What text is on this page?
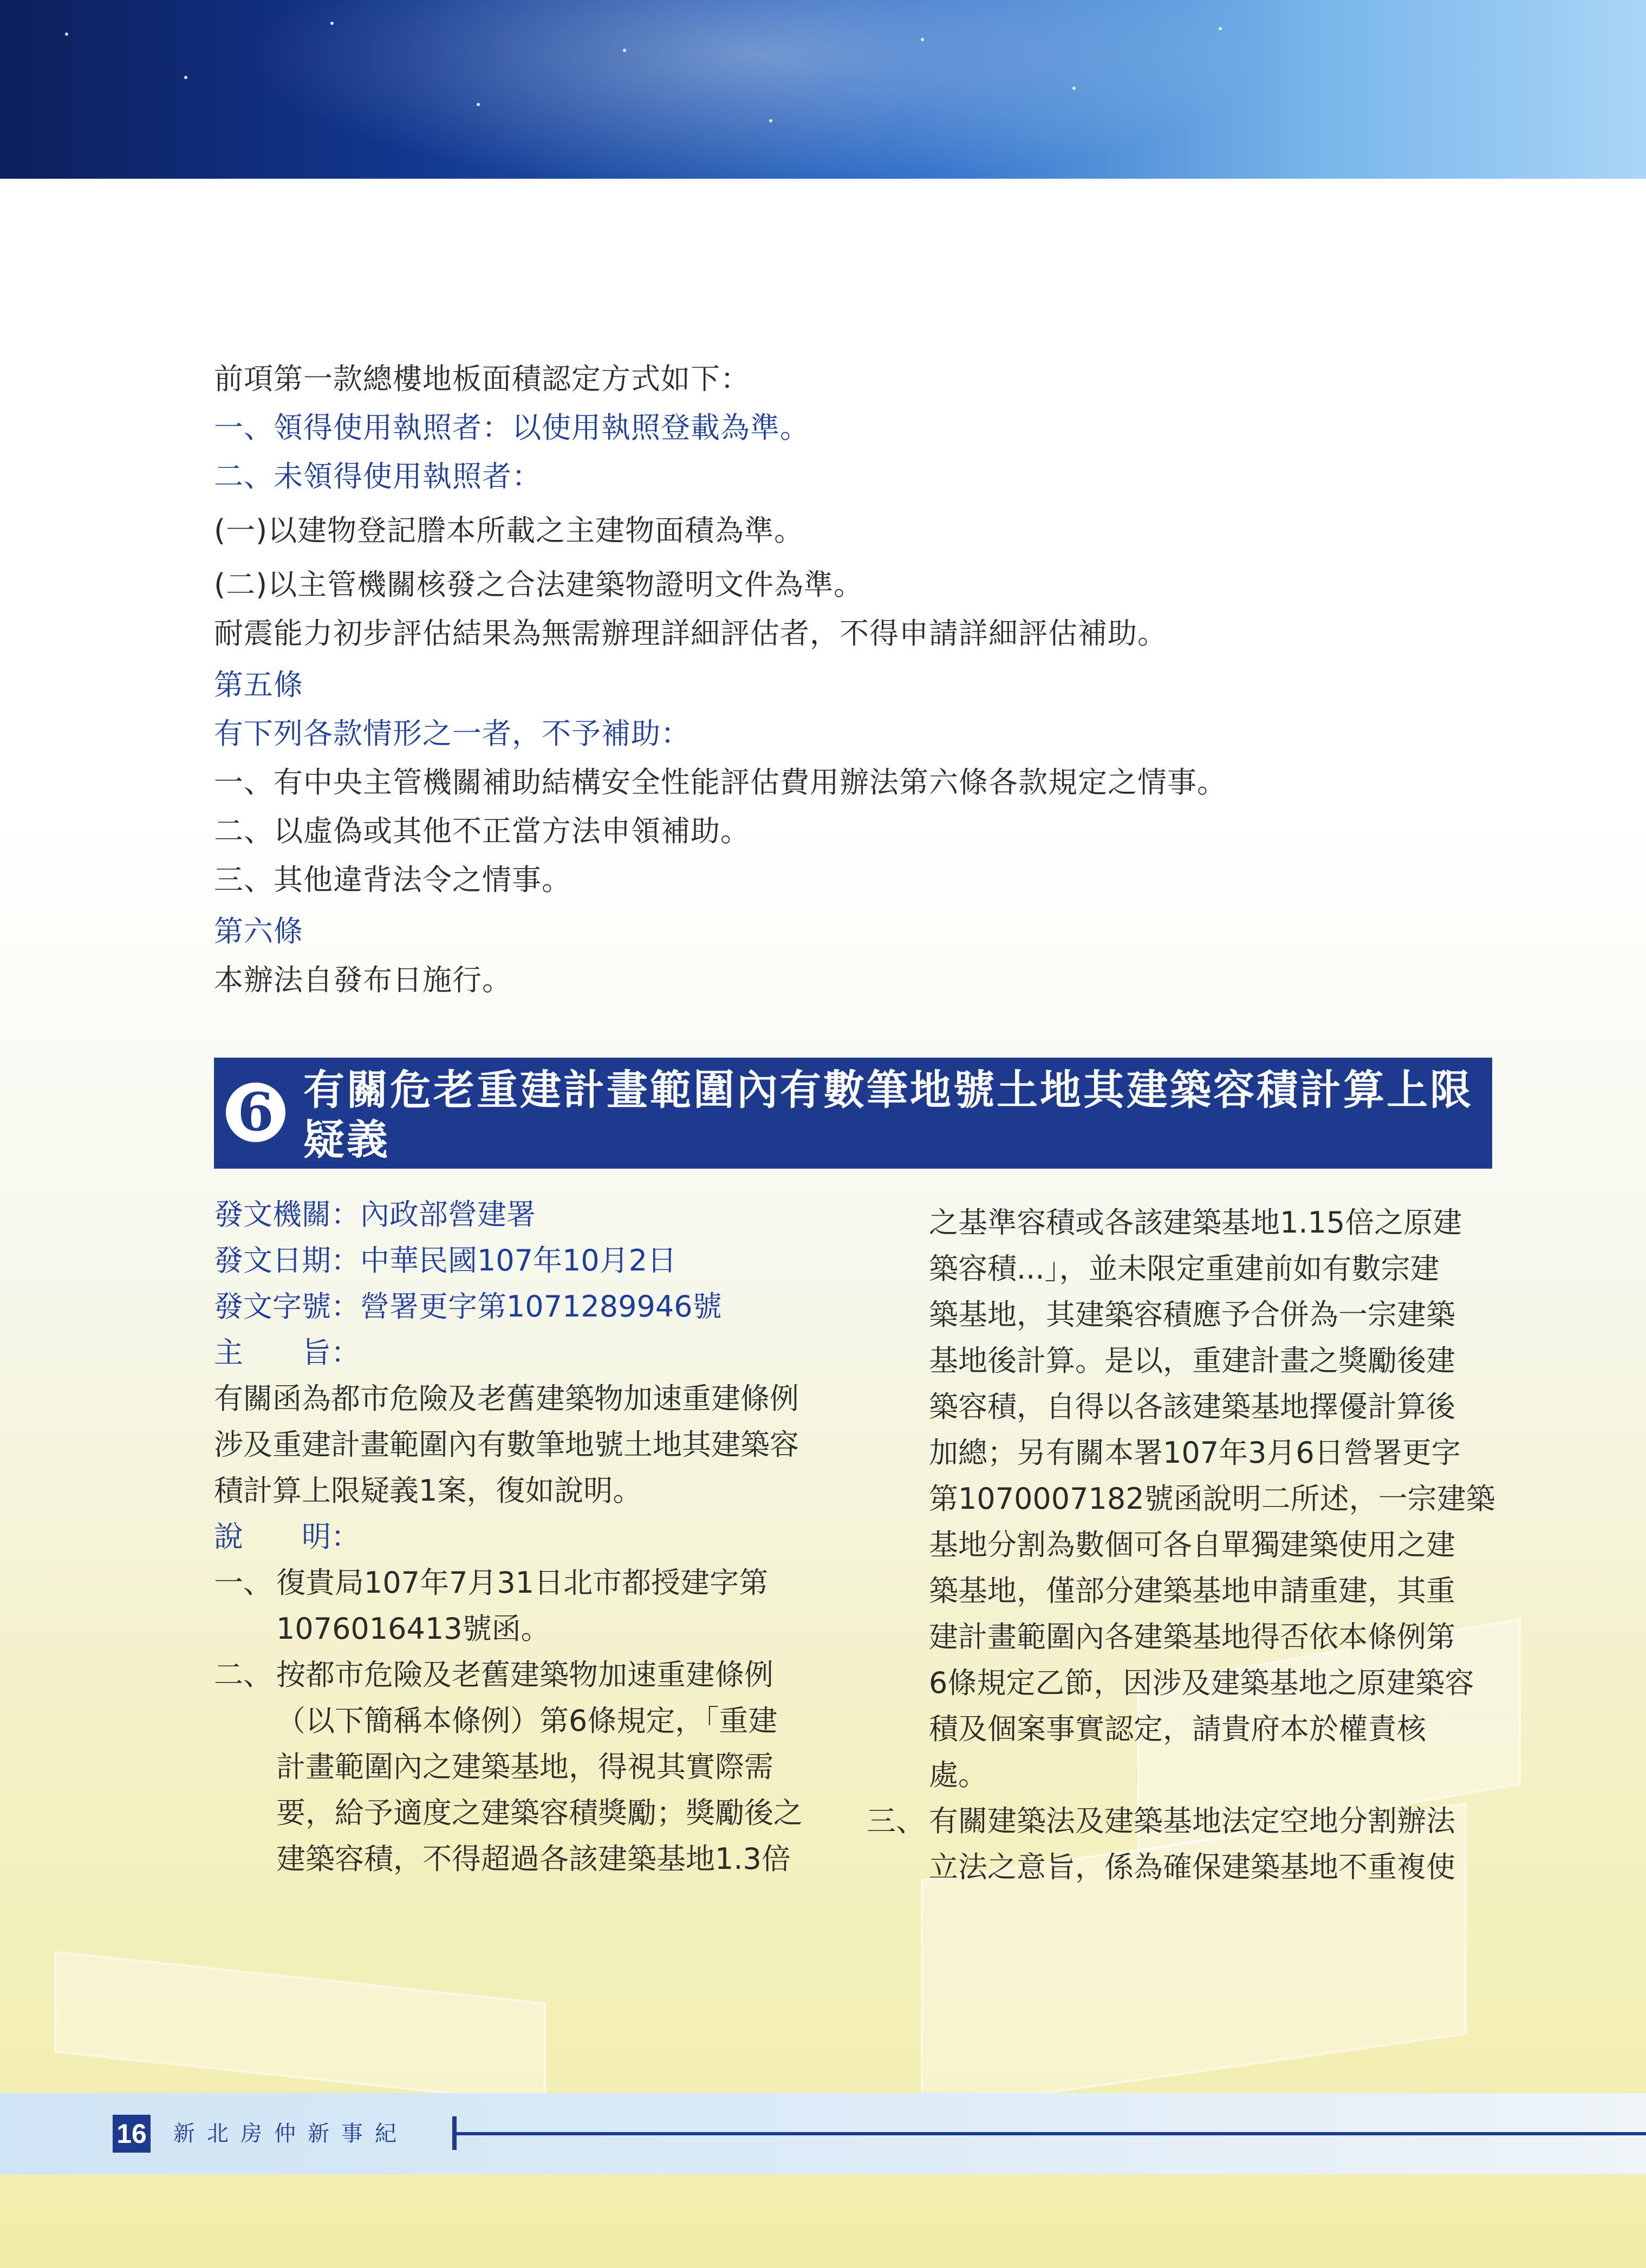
前項第一款總樓地板面積認定方式如下：
一、領得使用執照者：以使用執照登載為準。
二、未領得使用執照者：
(一)以建物登記謄本所載之主建物面積為準。
(二)以主管機關核發之合法建築物證明文件為準。
耐震能力初步評估結果為無需辦理詳細評估者，不得申請詳細評估補助。
第五條
有下列各款情形之一者，不予補助：
一、有中央主管機關補助結構安全性能評估費用辦法第六條各款規定之情事。
二、以虛偽或其他不正當方法申領補助。
三、其他違背法令之情事。
第六條
本辦法自發布日施行。
6 有關危老重建計畫範圍內有數筆地號土地其建築容積計算上限疑義
發文機關：內政部營建署
發文日期：中華民國107年10月2日
發文字號：營署更字第1071289946號
主　　旨：
有關函為都市危險及老舊建築物加速重建條例
涉及重建計畫範圍內有數筆地號土地其建築容
積計算上限疑義1案，復如說明。
說　　明：
一、 復貴局107年7月31日北市都授建字第
1076016413號函。
二、 按都市危險及老舊建築物加速重建條例
（以下簡稱本條例）第6條規定，「重建
計畫範圍內之建築基地，得視其實際需
要，給予適度之建築容積獎勵；獎勵後之
建築容積，不得超過各該建築基地1.3倍
之基準容積或各該建築基地1.15倍之原建
築容積...」，並未限定重建前如有數宗建
築基地，其建築容積應予合併為一宗建築
基地後計算。是以，重建計畫之獎勵後建
築容積，自得以各該建築基地擇優計算後
加總；另有關本署107年3月6日營署更字
第1070007182號函說明二所述，一宗建築
基地分割為數個可各自單獨建築使用之建
築基地，僅部分建築基地申請重建，其重
建計畫範圍內各建築基地得否依本條例第
6條規定乙節，因涉及建築基地之原建築容
積及個案事實認定，請貴府本於權責核
處。
三、 有關建築法及建築基地法定空地分割辦法
立法之意旨，係為確保建築基地不重複使
16 新北房仲新事紀
